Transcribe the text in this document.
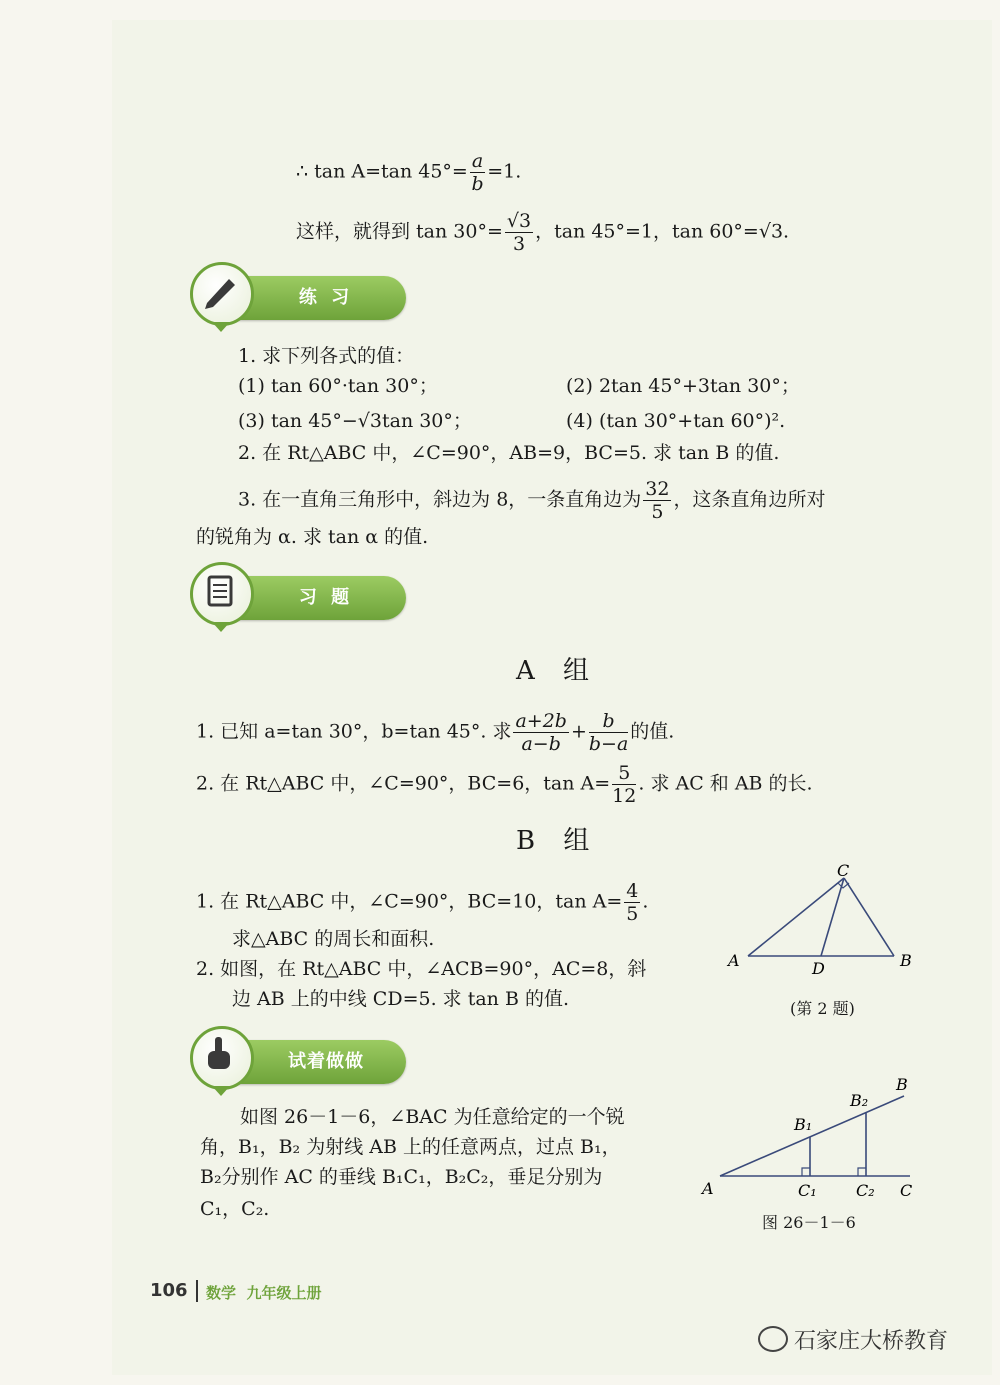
∴ tan A=tan $45^\circ= \frac{a}{b} =1$.
这样，就得到 $\tan 30^\circ= \frac{√3}{3}$ ，tan 45°=1，tan 60°=√3.
练 习
1. 求下列各式的值：
(1) tan 60°·tan 30°；	(2) 2tan 45°+3tan 30°；
(3) tan 45°−√3tan 30°；	(4) (tan 30°+tan 60°)².
2. 在 Rt△ABC 中，∠C=90°，AB=9，BC=5. 求 tan B 的值.
3. 在一直角三角形中，斜边为 8，一条直角边为 $\frac{32}{5}$ ，这条直角边所对
的锐角为 α. 求 tan α 的值.
习 题
A 组
1. 已知 a=tan 30°，b=tan 45°. 求 $\frac{a+2b}{a-b} + \frac{b}{b-a}$ 的值.
2. 在 Rt△ABC 中，∠C=90°，BC=6，$\tan A= \frac{5}{12}$ . 求 AC 和 AB 的长.
B 组
1. 在 Rt△ABC 中，∠C=90°，BC=10，$\tan A= \frac{4}{5}$ .
求△ABC 的周长和面积.
2. 如图，在 Rt△ABC 中，∠ACB=90°，AC=8，斜
边 AB 上的中线 CD=5. 求 tan B 的值.
A	B
C
D
(第 2 题)
试着做做
如图 26－1－6，∠BAC 为任意给定的一个锐
角，B₁，B₂ 为射线 AB 上的任意两点，过点 B₁，
B₂分别作 AC 的垂线 B₁C₁，B₂C₂，垂足分别为
C₁，C₂.
A
B
B₁
B₂
C
C₁ C₂
图 26－1－6
106 数学  九年级上册
石家庄大桥教育
